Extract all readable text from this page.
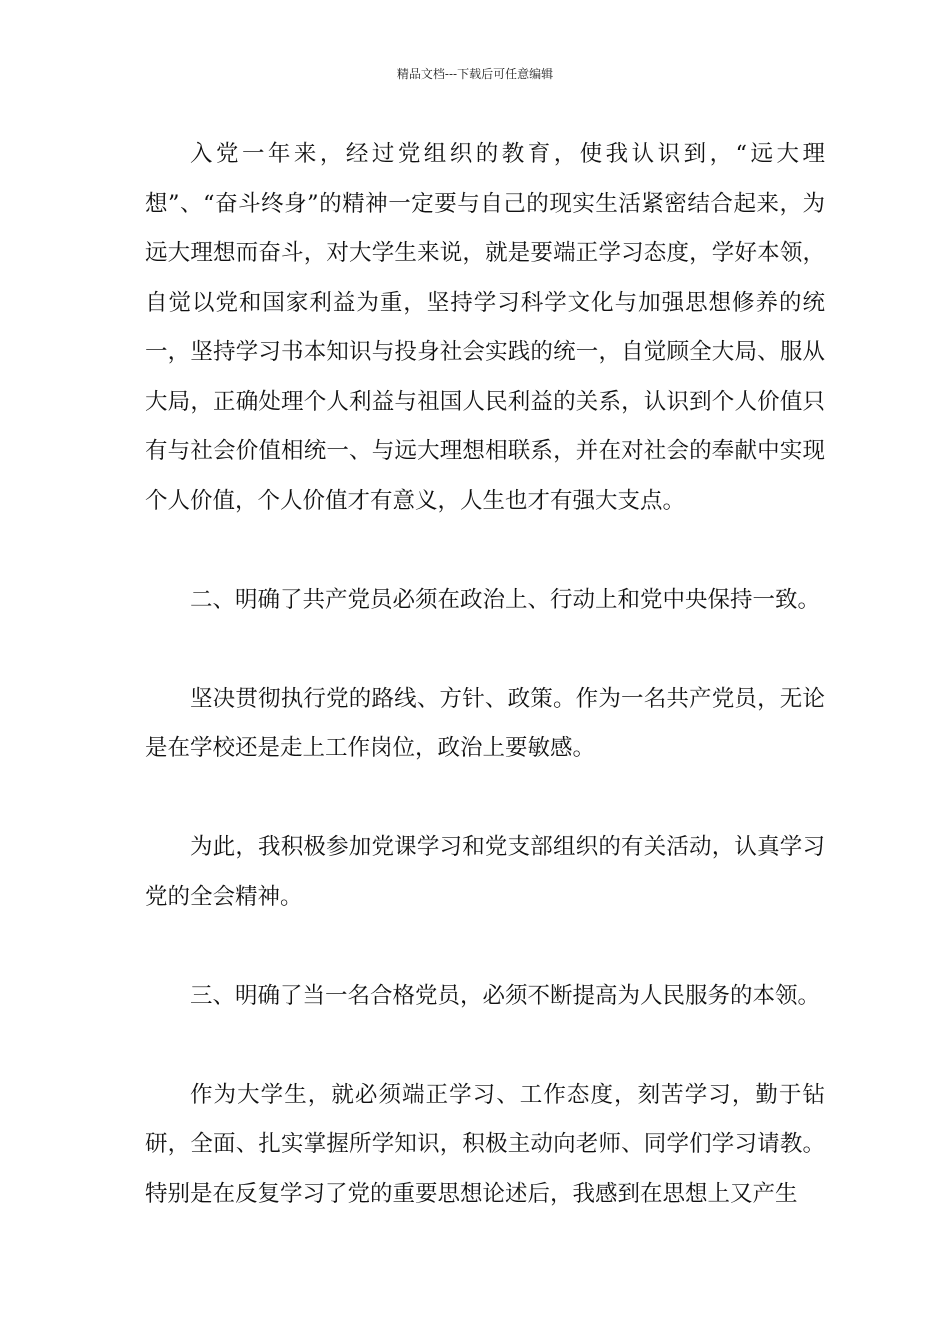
精品文档---下载后可任意编辑

入党一年来，经过党组织的教育，使我认识到，“远大理想”、“奋斗终身”的精神一定要与自己的现实生活紧密结合起来，为远大理想而奋斗，对大学生来说，就是要端正学习态度，学好本领，自觉以党和国家利益为重，坚持学习科学文化与加强思想修养的统一，坚持学习书本知识与投身社会实践的统一，自觉顾全大局、服从大局，正确处理个人利益与祖国人民利益的关系，认识到个人价值只有与社会价值相统一、与远大理想相联系，并在对社会的奉献中实现个人价值，个人价值才有意义，人生也才有强大支点。

二、明确了共产党员必须在政治上、行动上和党中央保持一致。

坚决贯彻执行党的路线、方针、政策。作为一名共产党员，无论是在学校还是走上工作岗位，政治上要敏感。

为此，我积极参加党课学习和党支部组织的有关活动，认真学习党的全会精神。

三、明确了当一名合格党员，必须不断提高为人民服务的本领。

作为大学生，就必须端正学习、工作态度，刻苦学习，勤于钻研，全面、扎实掌握所学知识，积极主动向老师、同学们学习请教。特别是在反复学习了党的重要思想论述后，我感到在思想上又产生
